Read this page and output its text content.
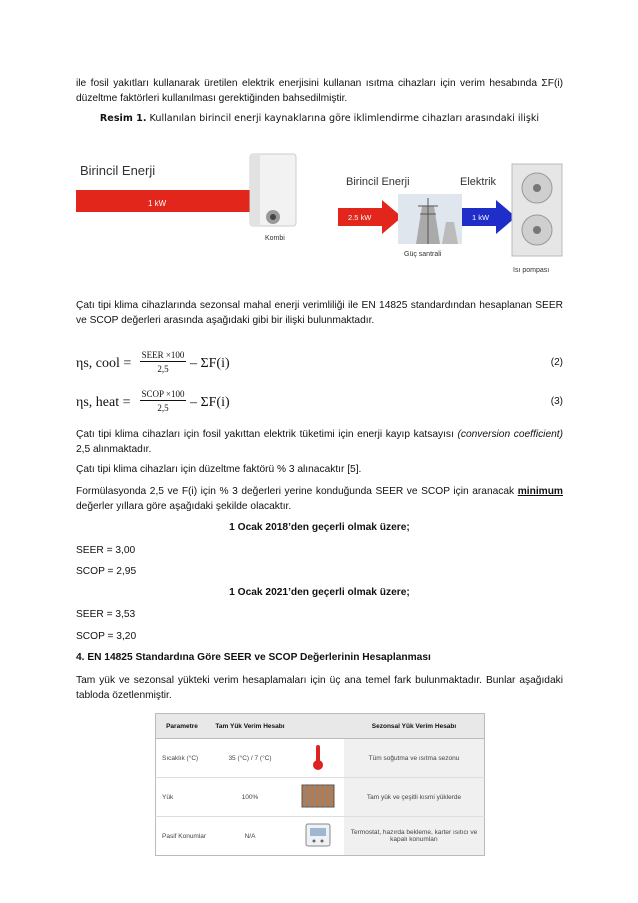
ile fosil yakıtları kullanarak üretilen elektrik enerjisini kullanan ısıtma cihazları için verim hesabında ΣF(i) düzeltme faktörleri kullanılması gerektiğinden bahsedilmiştir.
Resim 1. Kullanılan birincil enerji kaynaklarına göre iklimlendirme cihazları arasındaki ilişki
Birincil Enerji
1 kW
Kombi
Birincil Enerji	Elektrik
2.5 kW
Güç santrali
1 kW
Isı pompası
Çatı tipi klima cihazlarında sezonsal mahal enerji verimliliği ile EN 14825 standardından hesaplanan SEER ve SCOP değerleri arasında aşağıdaki gibi bir ilişki bulunmaktadır.
ηs, cool =
SEER ×100
2,5	– ΣF(i)	(2)
ηs, heat =
SCOP ×100
2,5	– ΣF(i)	(3)
Çatı tipi klima cihazları için fosil yakıttan elektrik tüketimi için enerji kayıp katsayısı (conversion coefficient) 2,5 alınmaktadır.
Çatı tipi klima cihazları için düzeltme faktörü % 3 alınacaktır [5].
Formülasyonda 2,5 ve F(i) için % 3 değerleri yerine konduğunda SEER ve SCOP için aranacak minimum değerler yıllara göre aşağıdaki şekilde olacaktır.
1 Ocak 2018’den geçerli olmak üzere;
SEER = 3,00
SCOP = 2,95
1 Ocak 2021’den geçerli olmak üzere;
SEER = 3,53
SCOP = 3,20
4. EN 14825 Standardına Göre SEER ve SCOP Değerlerinin Hesaplanması
Tam yük ve sezonsal yükteki verim hesaplamaları için üç ana temel fark bulunmaktadır. Bunlar aşağıdaki tabloda özetlenmiştir.
Parametre	Tam Yük Verim Hesabı		Sezonsal Yük Verim Hesabı
Sıcaklık (°C)	35 (°C) / 7 (°C)		Tüm soğutma ve ısıtma sezonu
Yük	100%		Tam yük ve çeşitli kısmi yüklerde
Pasif Konumlar	N/A		Termostat, hazırda bekleme, karter ısıtıcı ve kapalı konumları
